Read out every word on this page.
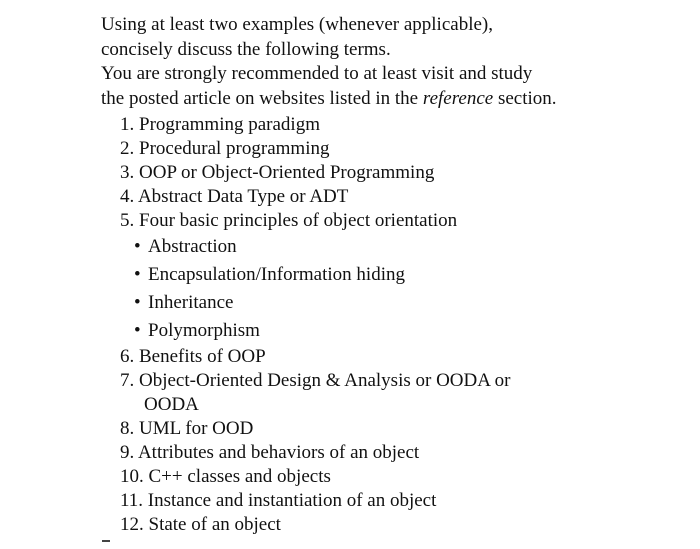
Using at least two examples (whenever applicable),

concisely discuss the following terms.

You are strongly recommended to at least visit and study

the posted article on websites listed in the reference section.

1. Programming paradigm
2. Procedural programming
3. OOP or Object-Oriented Programming
4. Abstract Data Type or ADT
5. Four basic principles of object orientation
• Abstraction
• Encapsulation/Information hiding
• Inheritance
• Polymorphism
6. Benefits of OOP
7. Object-Oriented Design & Analysis or OODA or
OODA
8. UML for OOD
9. Attributes and behaviors of an object
10. C++ classes and objects
11. Instance and instantiation of an object
12. State of an object
